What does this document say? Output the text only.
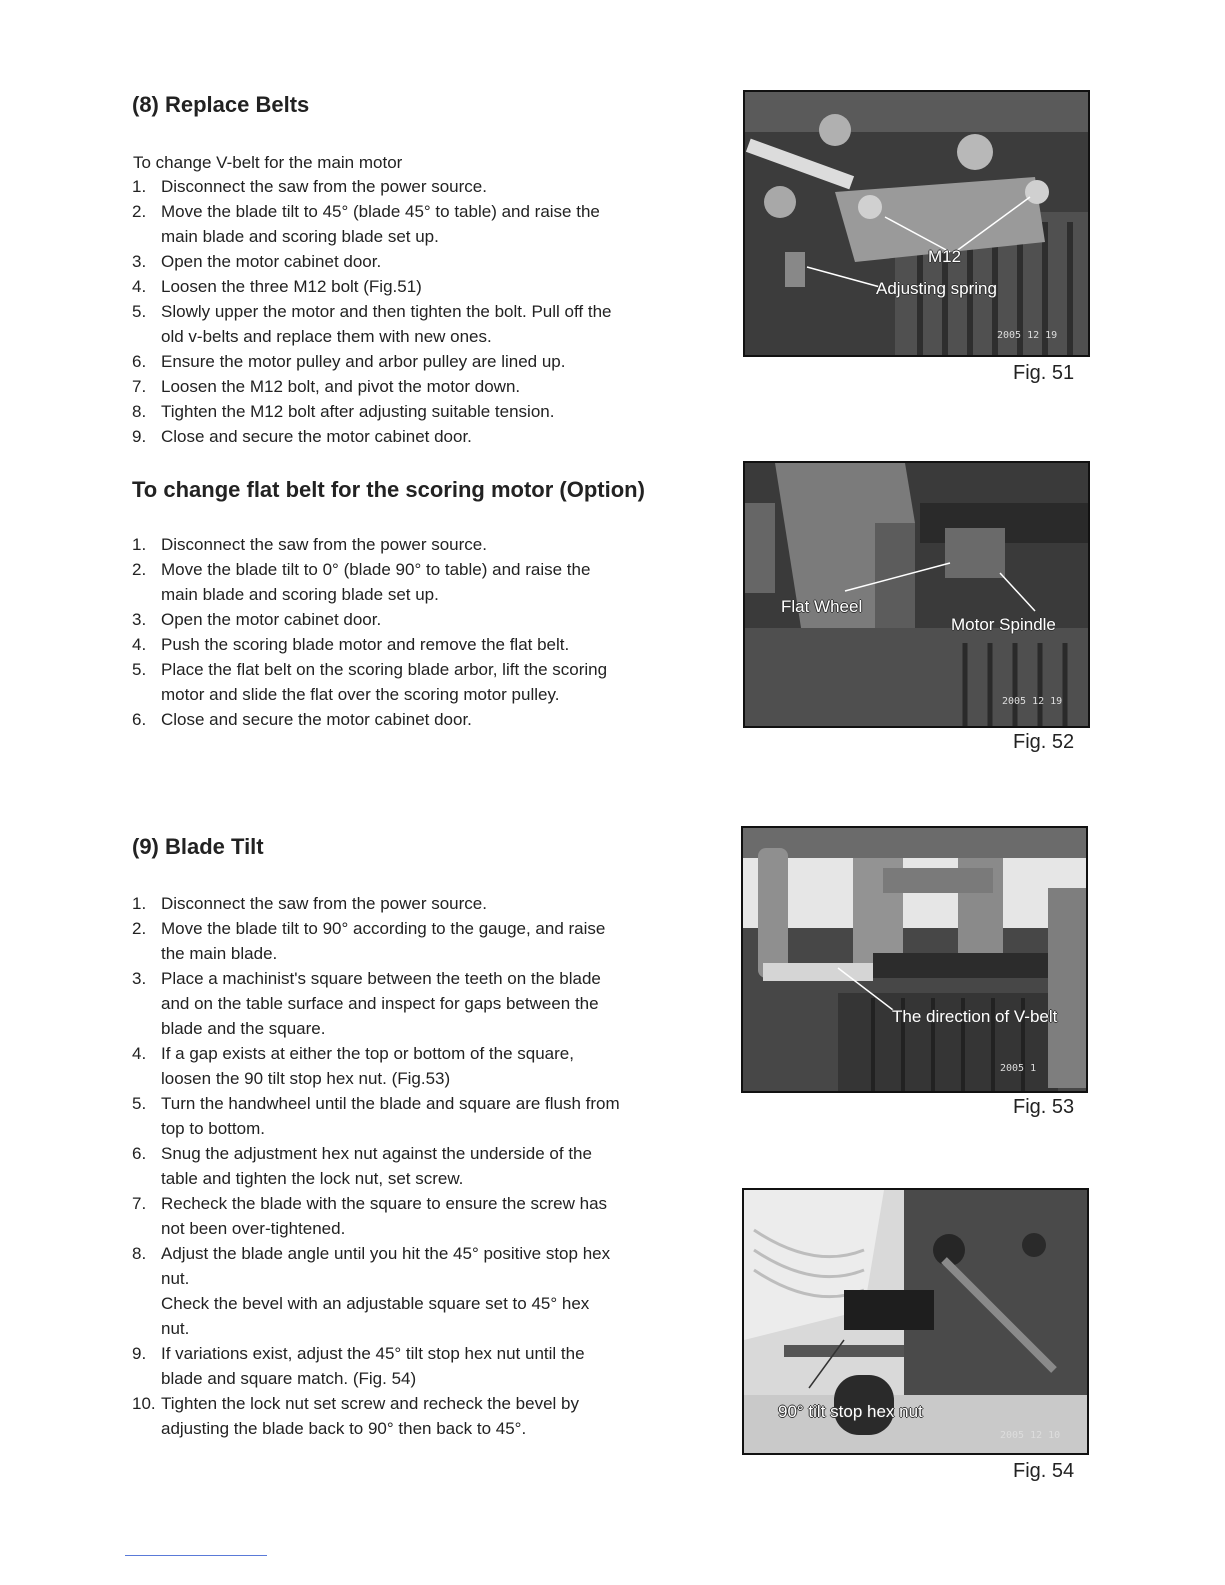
(8) Replace Belts
To change V-belt for the main motor
1. Disconnect the saw from the power source.
2. Move the blade tilt to 45° (blade 45° to table) and raise the main blade and scoring blade set up.
3. Open the motor cabinet door.
4. Loosen the three M12 bolt (Fig.51)
5. Slowly upper the motor and then tighten the bolt. Pull off the old v-belts and replace them with new ones.
6. Ensure the motor pulley and arbor pulley are lined up.
7. Loosen the M12 bolt, and pivot the motor down.
8. Tighten the M12 bolt after adjusting suitable tension.
9. Close and secure the motor cabinet door.
To change flat belt for the scoring motor (Option)
1. Disconnect the saw from the power source.
2. Move the blade tilt to 0° (blade 90° to table) and raise the main blade and scoring blade set up.
3. Open the motor cabinet door.
4. Push the scoring blade motor and remove the flat belt.
5. Place the flat belt on the scoring blade arbor, lift the scoring motor and slide the flat over the scoring motor pulley.
6. Close and secure the motor cabinet door.
(9) Blade Tilt
1. Disconnect the saw from the power source.
2. Move the blade tilt to 90° according to the gauge, and raise the main blade.
3. Place a machinist's square between the teeth on the blade and on the table surface and inspect for gaps between the blade and the square.
4. If a gap exists at either the top or bottom of the square, loosen the 90 tilt stop hex nut. (Fig.53)
5. Turn the handwheel until the blade and square are flush from top to bottom.
6. Snug the adjustment hex nut against the underside of the table and tighten the lock nut, set screw.
7. Recheck the blade with the square to ensure the screw has not been over-tightened.
8. Adjust the blade angle until you hit the 45° positive stop hex nut.
Check the bevel with an adjustable square set to 45° hex nut.
9. If variations exist, adjust the 45° tilt stop hex nut until the blade and square match. (Fig. 54)
10. Tighten the lock nut set screw and recheck the bevel by adjusting the blade back to 90° then back to 45°.
M12
Adjusting spring
2005 12 19
Fig. 51
Flat Wheel
Motor Spindle
2005 12 19
Fig. 52
The direction of V-belt
2005 1
Fig. 53
90° tilt stop hex nut
2005 12 10
Fig. 54
